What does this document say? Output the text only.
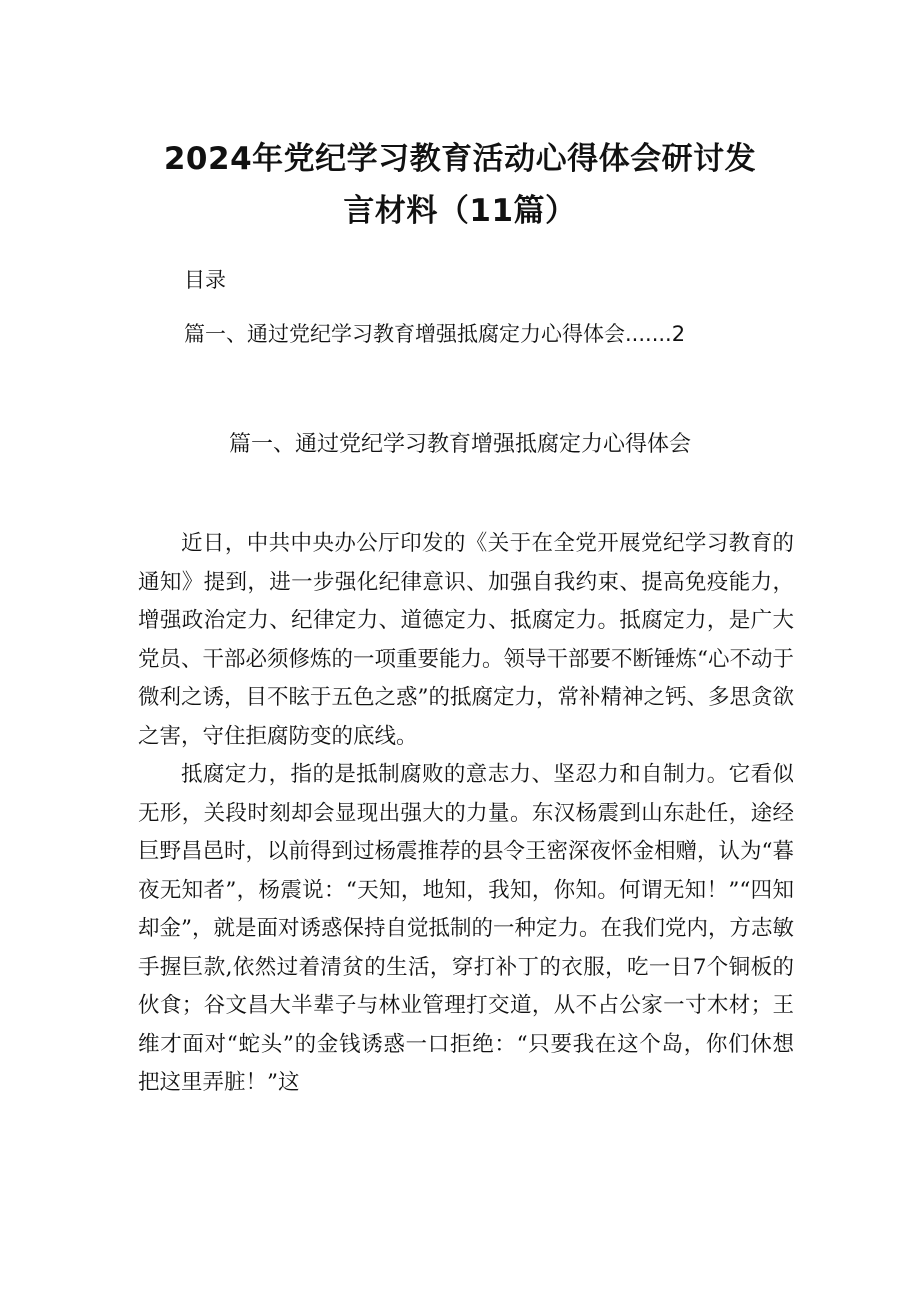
2024年党纪学习教育活动心得体会研讨发
言材料（11篇）
目录
篇一、通过党纪学习教育增强抵腐定力心得体会.......2
篇一、通过党纪学习教育增强抵腐定力心得体会

近日，中共中央办公厅印发的《关于在全党开展党纪学习教育的通知》提到，进一步强化纪律意识、加强自我约束、提高免疫能力，增强政治定力、纪律定力、道德定力、抵腐定力。抵腐定力，是广大党员、干部必须修炼的一项重要能力。领导干部要不断锤炼“心不动于微利之诱，目不眩于五色之惑”的抵腐定力，常补精神之钙、多思贪欲之害，守住拒腐防变的底线。

抵腐定力，指的是抵制腐败的意志力、坚忍力和自制力。它看似无形，关段时刻却会显现出强大的力量。东汉杨震到山东赴任，途经巨野昌邑时，以前得到过杨震推荐的县令王密深夜怀金相赠，认为“暮夜无知者”，杨震说：“天知，地知，我知，你知。何谓无知！”“四知却金”，就是面对诱惑保持自觉抵制的一种定力。在我们党内，方志敏手握巨款,依然过着清贫的生活，穿打补丁的衣服，吃一日7个铜板的伙食；谷文昌大半辈子与林业管理打交道，从不占公家一寸木材；王维才面对“蛇头”的金钱诱惑一口拒绝：“只要我在这个岛，你们休想把这里弄脏！”这
